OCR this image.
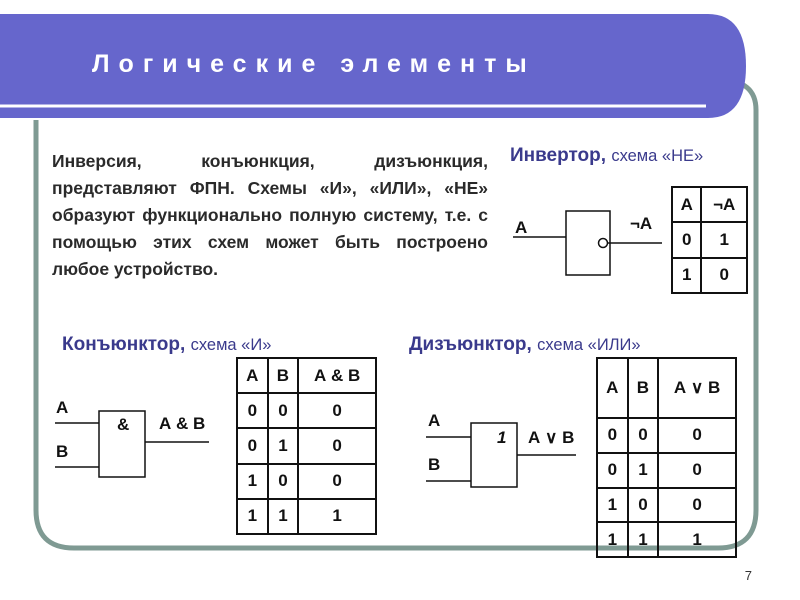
Логические элементы
Инверсия, конъюнкция, дизъюнкция, представляют ФПН. Схемы «И», «ИЛИ», «НЕ» образуют функционально полную систему, т.е. с помощью этих схем может быть построено любое устройство.
Инвертор, схема «НЕ»
А	¬А
А	¬А
0	1
1	0
Конъюнктор, схема «И»
А
В
& А & В
А	В	А & В
0	0	0
0	1	0
1	0	0
1	1	1
Дизъюнктор, схема «ИЛИ»
А
В
1 А ∨ В
А	В	А ∨ В
0	0	0
0	1	0
1	0	0
1	1	1
7
